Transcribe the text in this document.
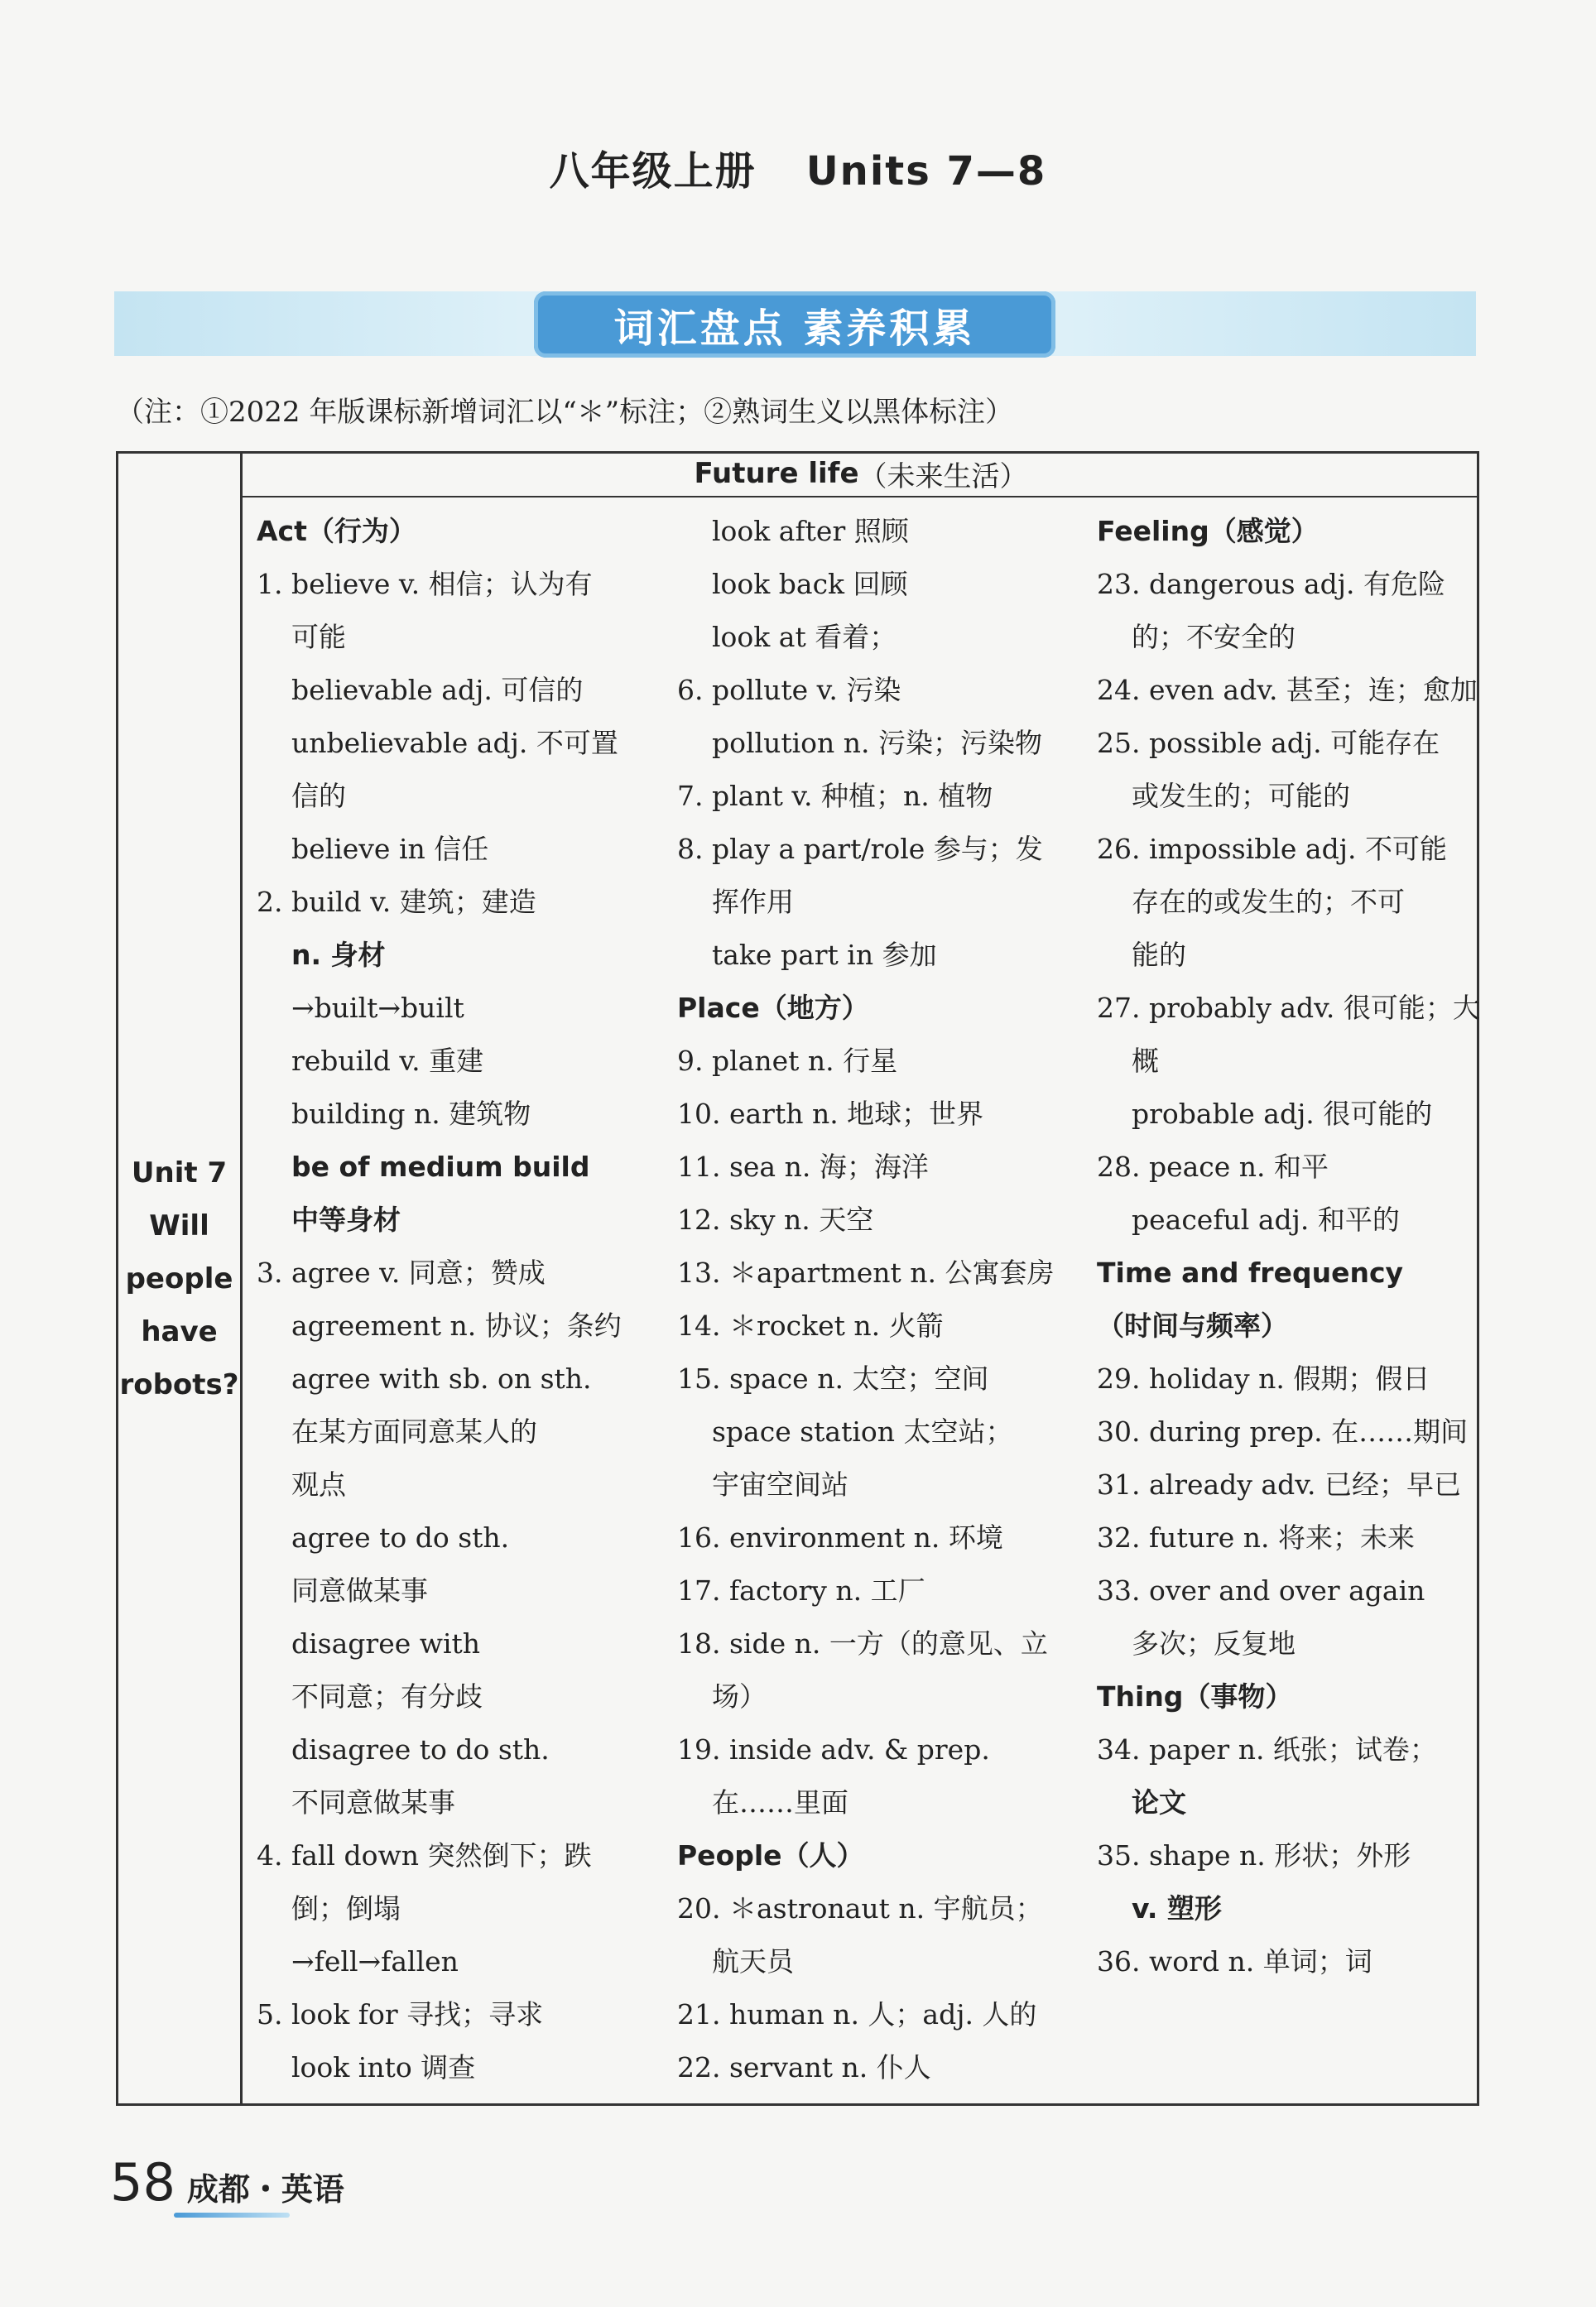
八年级上册 Units 7—8
词汇盘点 素养积累
（注：①2022 年版课标新增词汇以“＊”标注；②熟词生义以黑体标注）
Future life （未来生活）
Unit 7
Will
people
have
robots?
Act（行为）
1. believe v. 相信；认为有
可能
believable adj. 可信的
unbelievable adj. 不可置
信的
believe in 信任
2. build v. 建筑；建造
n. 身材
→built→built
rebuild v. 重建
building n. 建筑物
be of medium build
中等身材
3. agree v. 同意；赞成
agreement n. 协议；条约
agree with sb. on sth.
在某方面同意某人的
观点
agree to do sth.
同意做某事
disagree with
不同意；有分歧
disagree to do sth.
不同意做某事
4. fall down 突然倒下；跌
倒；倒塌
→fell→fallen
5. look for 寻找；寻求
look into 调查
look after 照顾
look back 回顾
look at 看着；
6. pollute v. 污染
pollution n. 污染；污染物
7. plant v. 种植；n. 植物
8. play a part/role 参与；发
挥作用
take part in 参加
Place（地方）
9. planet n. 行星
10. earth n. 地球；世界
11. sea n. 海；海洋
12. sky n. 天空
13. ＊apartment n. 公寓套房
14. ＊rocket n. 火箭
15. space n. 太空；空间
space station 太空站；
宇宙空间站
16. environment n. 环境
17. factory n. 工厂
18. side n. 一方（的意见、立
场）
19. inside adv. & prep.
在……里面
People（人）
20. ＊astronaut n. 宇航员；
航天员
21. human n. 人；adj. 人的
22. servant n. 仆人
Feeling（感觉）
23. dangerous adj. 有危险
的；不安全的
24. even adv. 甚至；连；愈加
25. possible adj. 可能存在
或发生的；可能的
26. impossible adj. 不可能
存在的或发生的；不可
能的
27. probably adv. 很可能；大
概
probable adj. 很可能的
28. peace n. 和平
peaceful adj. 和平的
Time and frequency
（时间与频率）
29. holiday n. 假期；假日
30. during prep. 在……期间
31. already adv. 已经；早已
32. future n. 将来；未来
33. over and over again
多次；反复地
Thing（事物）
34. paper n. 纸张；试卷；
论文
35. shape n. 形状；外形
v. 塑形
36. word n. 单词；词
58 成都・英语
